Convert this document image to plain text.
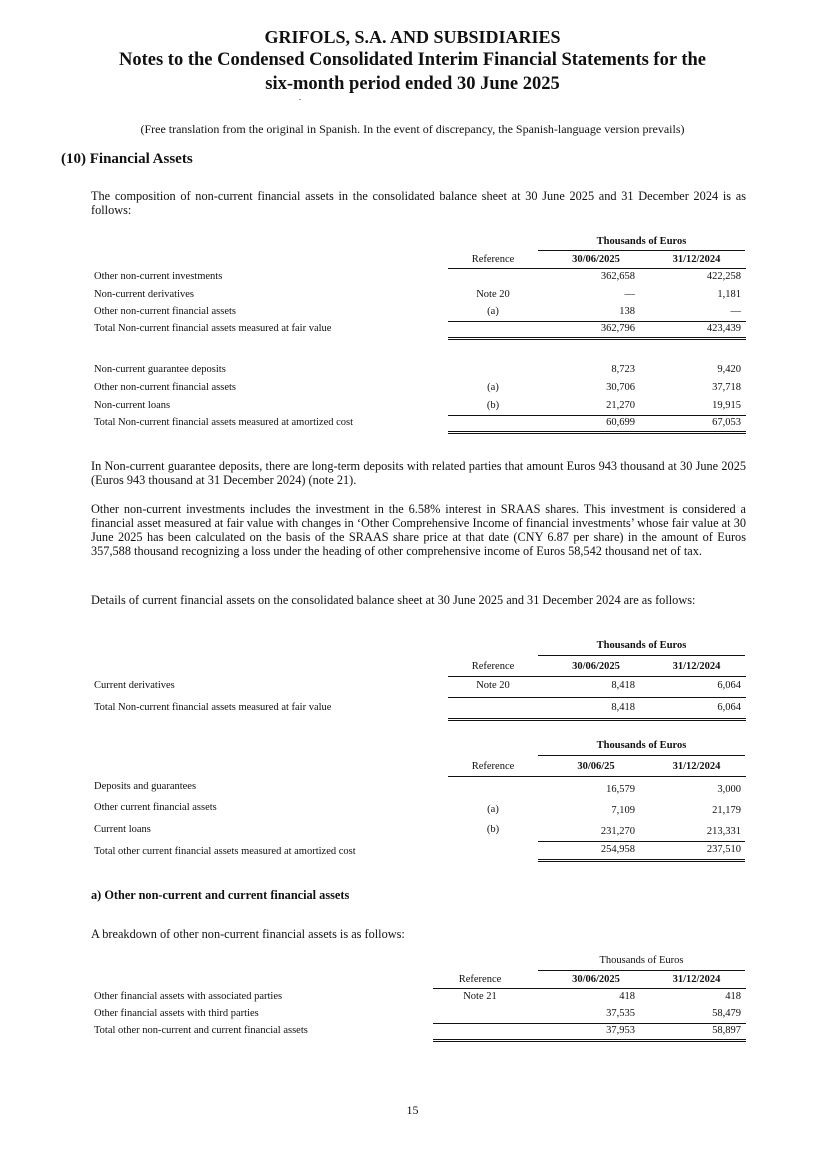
GRIFOLS, S.A. AND SUBSIDIARIES
Notes to the Condensed Consolidated Interim Financial Statements for the
six-month period ended 30 June 2025
(Free translation from the original in Spanish. In the event of discrepancy, the Spanish-language version prevails)
(10) Financial Assets
The composition of non-current financial assets in the consolidated balance sheet at 30 June 2025 and 31 December 2024 is as follows:
Thousands of Euros
Reference	30/06/2025	31/12/2024
Other non-current investments	362,658	422,258
Non-current derivatives	Note 20	—	1,181
Other non-current financial assets	(a)	138	—
Total Non-current financial assets measured at fair value	362,796	423,439
Non-current guarantee deposits	8,723	9,420
Other non-current financial assets	(a)	30,706	37,718
Non-current loans	(b)	21,270	19,915
Total Non-current financial assets measured at amortized cost	60,699	67,053
In Non-current guarantee deposits, there are long-term deposits with related parties that amount Euros 943 thousand at 30 June 2025 (Euros 943 thousand at 31 December 2024) (note 21).
Other non-current investments includes the investment in the 6.58% interest in SRAAS shares. This investment is considered a financial asset measured at fair value with changes in ‘Other Comprehensive Income of financial investments’ whose fair value at 30 June 2025 has been calculated on the basis of the SRAAS share price at that date (CNY 6.87 per share) in the amount of Euros 357,588 thousand recognizing a loss under the heading of other comprehensive income of Euros 58,542 thousand net of tax.
Details of current financial assets on the consolidated balance sheet at 30 June 2025 and 31 December 2024 are as follows:
Thousands of Euros
Reference	30/06/2025	31/12/2024
Current derivatives	Note 20	8,418	6,064
Total Non-current financial assets measured at fair value	8,418	6,064
Thousands of Euros
Reference	30/06/25	31/12/2024
Deposits and guarantees	16,579	3,000
Other current financial assets	(a)	7,109	21,179
Current loans	(b)	231,270	213,331
Total other current financial assets measured at amortized cost	254,958	237,510
a) Other non-current and current financial assets
A breakdown of other non-current financial assets is as follows:
Thousands of Euros
Reference	30/06/2025	31/12/2024
Other financial assets with associated parties	Note 21	418	418
Other financial assets with third parties	37,535	58,479
Total other non-current and current financial assets	37,953	58,897
15
